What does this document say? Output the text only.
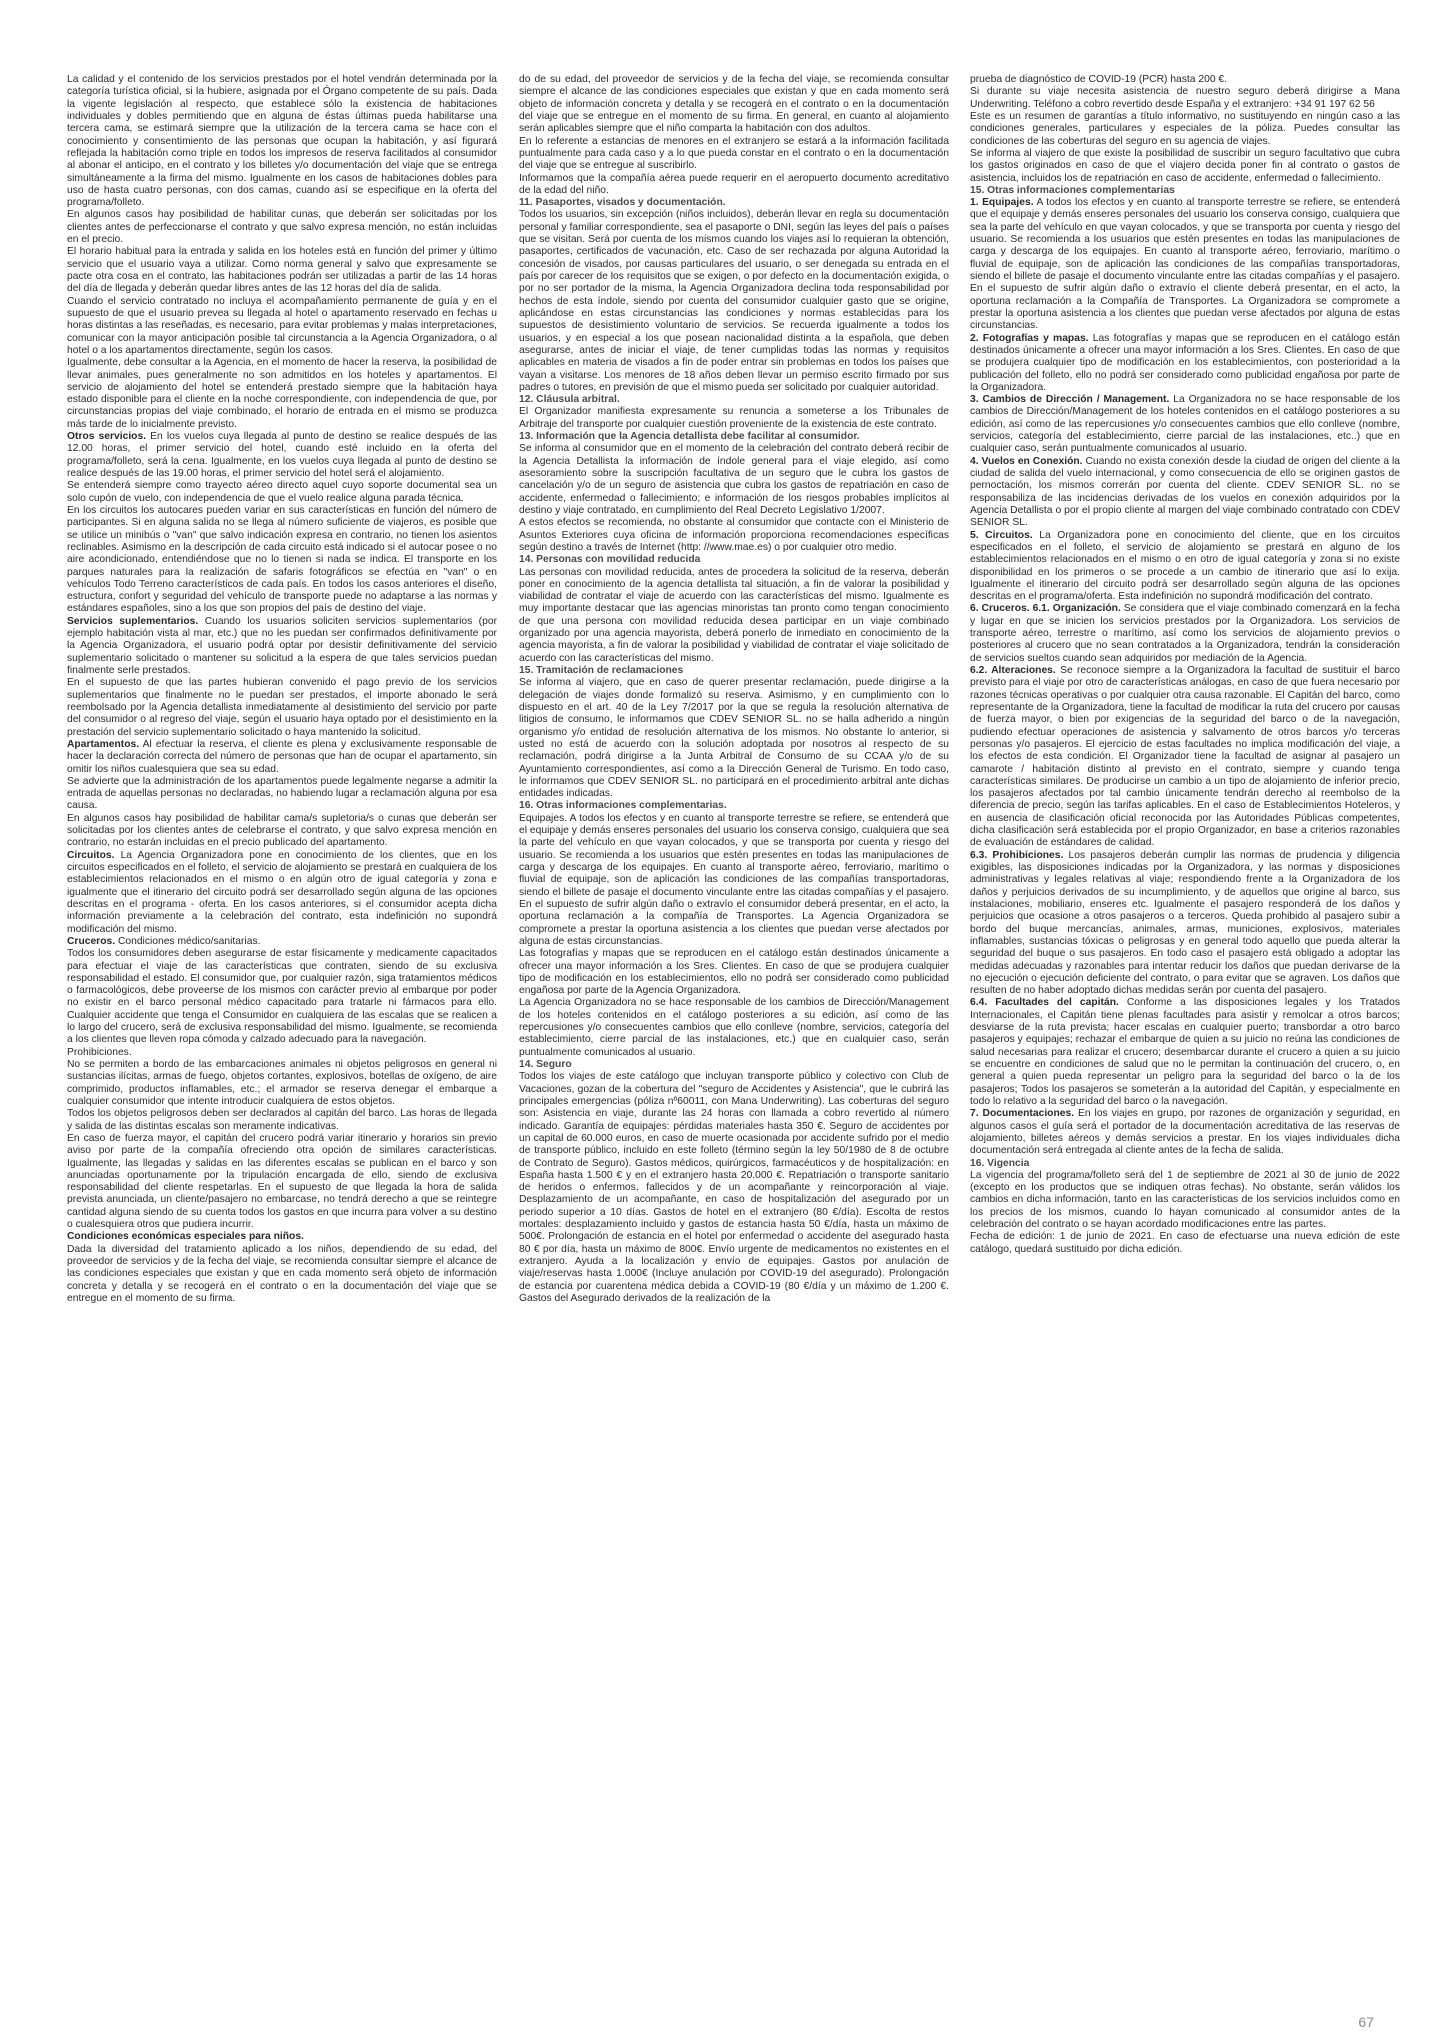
La calidad y el contenido de los servicios prestados por el hotel vendrán determinada por la categoría turística oficial, si la hubiere, asignada por el Órgano competente de su país. Dada la vigente legislación al respecto, que establece sólo la existencia de habitaciones individuales y dobles permitiendo que en alguna de éstas últimas pueda habilitarse una tercera cama, se estimará siempre que la utilización de la tercera cama se hace con el conocimiento y consentimiento de las personas que ocupan la habitación, y así figurará reflejada la habitación como triple en todos los impresos de reserva facilitados al consumidor al abonar el anticipo, en el contrato y los billetes y/o documentación del viaje que se entrega simultáneamente a la firma del mismo. Igualmente en los casos de habitaciones dobles para uso de hasta cuatro personas, con dos camas, cuando así se especifique en la oferta del programa/folleto.

En algunos casos hay posibilidad de habilitar cunas, que deberán ser solicitadas por los clientes antes de perfeccionarse el contrato y que salvo expresa mención, no están incluidas en el precio.

El horario habitual para la entrada y salida en los hoteles está en función del primer y último servicio que el usuario vaya a utilizar. Como norma general y salvo que expresamente se pacte otra cosa en el contrato, las habitaciones podrán ser utilizadas a partir de las 14 horas del día de llegada y deberán quedar libres antes de las 12 horas del día de salida.

Cuando el servicio contratado no incluya el acompañamiento permanente de guía y en el supuesto de que el usuario prevea su llegada al hotel o apartamento reservado en fechas u horas distintas a las reseñadas, es necesario, para evitar problemas y malas interpretaciones, comunicar con la mayor anticipación posible tal circunstancia a la Agencia Organizadora, o al hotel o a los apartamentos directamente, según los casos.

Igualmente, debe consultar a la Agencia, en el momento de hacer la reserva, la posibilidad de llevar animales, pues generalmente no son admitidos en los hoteles y apartamentos. El servicio de alojamiento del hotel se entenderá prestado siempre que la habitación haya estado disponible para el cliente en la noche correspondiente, con independencia de que, por circunstancias propias del viaje combinado, el horario de entrada en el mismo se produzca más tarde de lo inicialmente previsto.

Otros servicios. En los vuelos cuya llegada al punto de destino se realice después de las 12.00 horas, el primer servicio del hotel, cuando esté incluido en la oferta del programa/folleto, será la cena. Igualmente, en los vuelos cuya llegada al punto de destino se realice después de las 19.00 horas, el primer servicio del hotel será el alojamiento.

Se entenderá siempre como trayecto aéreo directo aquel cuyo soporte documental sea un solo cupón de vuelo, con independencia de que el vuelo realice alguna parada técnica.

En los circuitos los autocares pueden variar en sus características en función del número de participantes. Si en alguna salida no se llega al número suficiente de viajeros, es posible que se utilice un minibús o "van" que salvo indicación expresa en contrario, no tienen los asientos reclinables. Asimismo en la descripción de cada circuito está indicado si el autocar posee o no aire acondicionado, entendiéndose que no lo tienen si nada se indica. El transporte en los parques naturales para la realización de safaris fotográficos se efectúa en "van" o en vehículos Todo Terreno característicos de cada país. En todos los casos anteriores el diseño, estructura, confort y seguridad del vehículo de transporte puede no adaptarse a las normas y estándares españoles, sino a los que son propios del país de destino del viaje.

Servicios suplementarios. Cuando los usuarios soliciten servicios suplementarios (por ejemplo habitación vista al mar, etc.) que no les puedan ser confirmados definitivamente por la Agencia Organizadora, el usuario podrá optar por desistir definitivamente del servicio suplementario solicitado o mantener su solicitud a la espera de que tales servicios puedan finalmente serle prestados.

En el supuesto de que las partes hubieran convenido el pago previo de los servicios suplementarios que finalmente no le puedan ser prestados, el importe abonado le será reembolsado por la Agencia detallista inmediatamente al desistimiento del servicio por parte del consumidor o al regreso del viaje, según el usuario haya optado por el desistimiento en la prestación del servicio suplementario solicitado o haya mantenido la solicitud.

Apartamentos. Al efectuar la reserva, el cliente es plena y exclusivamente responsable de hacer la declaración correcta del número de personas que han de ocupar el apartamento, sin omitir los niños cualesquiera que sea su edad.

Se advierte que la administración de los apartamentos puede legalmente negarse a admitir la entrada de aquellas personas no declaradas, no habiendo lugar a reclamación alguna por esa causa.

En algunos casos hay posibilidad de habilitar cama/s supletoria/s o cunas que deberán ser solicitadas por los clientes antes de celebrarse el contrato, y que salvo expresa mención en contrario, no estarán incluidas en el precio publicado del apartamento.

Circuitos. La Agencia Organizadora pone en conocimiento de los clientes, que en los circuitos especificados en el folleto, el servicio de alojamiento se prestará en cualquiera de los establecimientos relacionados en el mismo o en algún otro de igual categoría y zona e igualmente que el itinerario del circuito podrá ser desarrollado según alguna de las opciones descritas en el programa - oferta. En los casos anteriores, si el consumidor acepta dicha información previamente a la celebración del contrato, esta indefinición no supondrá modificación del mismo.

Cruceros. Condiciones médico/sanitarias.

Todos los consumidores deben asegurarse de estar físicamente y medicamente capacitados para efectuar el viaje de las características que contraten, siendo de su exclusiva responsabilidad el estado. El consumidor que, por cualquier razón, siga tratamientos médicos o farmacológicos, debe proveerse de los mismos con carácter previo al embarque por poder no existir en el barco personal médico capacitado para tratarle ni fármacos para ello. Cualquier accidente que tenga el Consumidor en cualquiera de las escalas que se realicen a lo largo del crucero, será de exclusiva responsabilidad del mismo. Igualmente, se recomienda a los clientes que lleven ropa cómoda y calzado adecuado para la navegación.

Prohibiciones.

No se permiten a bordo de las embarcaciones animales ni objetos peligrosos en general ni sustancias ilícitas, armas de fuego, objetos cortantes, explosivos, botellas de oxígeno, de aire comprimido, productos inflamables, etc.; el armador se reserva denegar el embarque a cualquier consumidor que intente introducir cualquiera de estos objetos.

Todos los objetos peligrosos deben ser declarados al capitán del barco. Las horas de llegada y salida de las distintas escalas son meramente indicativas.

En caso de fuerza mayor, el capitán del crucero podrá variar itinerario y horarios sin previo aviso por parte de la compañía ofreciendo otra opción de similares características. Igualmente, las llegadas y salidas en las diferentes escalas se publican en el barco y son anunciadas oportunamente por la tripulación encargada de ello, siendo de exclusiva responsabilidad del cliente respetarlas. En el supuesto de que llegada la hora de salida prevista anunciada, un cliente/pasajero no embarcase, no tendrá derecho a que se reintegre cantidad alguna siendo de su cuenta todos los gastos en que incurra para volver a su destino o cualesquiera otros que pudiera incurrir.

Condiciones económicas especiales para niños.

Dada la diversidad del tratamiento aplicado a los niños, dependiendo de su edad, del proveedor de servicios y de la fecha del viaje, se recomienda consultar siempre el alcance de las condiciones especiales que existan y que en cada momento será objeto de información concreta y detalla y se recogerá en el contrato o en la documentación del viaje que se entregue en el momento de su firma.

do de su edad, del proveedor de servicios y de la fecha del viaje, se recomienda consultar siempre el alcance de las condiciones especiales que existan y que en cada momento será objeto de información concreta y detalla y se recogerá en el contrato o en la documentación del viaje que se entregue en el momento de su firma. En general, en cuanto al alojamiento serán aplicables siempre que el niño comparta la habitación con dos adultos.

En lo referente a estancias de menores en el extranjero se estará a la información facilitada puntualmente para cada caso y a lo que pueda constar en el contrato o en la documentación del viaje que se entregue al suscribirlo.

Informamos que la compañía aérea puede requerir en el aeropuerto documento acreditativo de la edad del niño.

11. Pasaportes, visados y documentación.

Todos los usuarios, sin excepción (niños incluidos), deberán llevar en regla su documentación personal y familiar correspondiente, sea el pasaporte o DNI, según las leyes del país o países que se visitan. Será por cuenta de los mismos cuando los viajes así lo requieran la obtención, pasaportes, certificados de vacunación, etc. Caso de ser rechazada por alguna Autoridad la concesión de visados, por causas particulares del usuario, o ser denegada su entrada en el país por carecer de los requisitos que se exigen, o por defecto en la documentación exigida, o por no ser portador de la misma, la Agencia Organizadora declina toda responsabilidad por hechos de esta índole, siendo por cuenta del consumidor cualquier gasto que se origine, aplicándose en estas circunstancias las condiciones y normas establecidas para los supuestos de desistimiento voluntario de servicios. Se recuerda igualmente a todos los usuarios, y en especial a los que posean nacionalidad distinta a la española, que deben asegurarse, antes de iniciar el viaje, de tener cumplidas todas las normas y requisitos aplicables en materia de visados a fin de poder entrar sin problemas en todos los países que vayan a visitarse. Los menores de 18 años deben llevar un permiso escrito firmado por sus padres o tutores, en previsión de que el mismo pueda ser solicitado por cualquier autoridad.

12. Cláusula arbitral.

El Organizador manifiesta expresamente su renuncia a someterse a los Tribunales de Arbitraje del transporte por cualquier cuestión proveniente de la existencia de este contrato.

13. Información que la Agencia detallista debe facilitar al consumidor.

Se informa al consumidor que en el momento de la celebración del contrato deberá recibir de la Agencia Detallista la información de índole general para el viaje elegido, así como asesoramiento sobre la suscripción facultativa de un seguro que le cubra los gastos de cancelación y/o de un seguro de asistencia que cubra los gastos de repatriación en caso de accidente, enfermedad o fallecimiento; e información de los riesgos probables implícitos al destino y viaje contratado, en cumplimiento del Real Decreto Legislativo 1/2007.

A estos efectos se recomienda, no obstante al consumidor que contacte con el Ministerio de Asuntos Exteriores cuya oficina de información proporciona recomendaciones específicas según destino a través de Internet (http: //www.mae.es) o por cualquier otro medio.

14. Personas con movilidad reducida

Las personas con movilidad reducida, antes de procedera la solicitud de la reserva, deberán poner en conocimiento de la agencia detallista tal situación, a fin de valorar la posibilidad y viabilidad de contratar el viaje de acuerdo con las características del mismo. Igualmente es muy importante destacar que las agencias minoristas tan pronto como tengan conocimiento de que una persona con movilidad reducida desea participar en un viaje combinado organizado por una agencia mayorista, deberá ponerlo de inmediato en conocimiento de la agencia mayorista, a fin de valorar la posibilidad y viabilidad de contratar el viaje solicitado de acuerdo con las características del mismo.

15. Tramitación de reclamaciones

Se informa al viajero, que en caso de querer presentar reclamación, puede dirigirse a la delegación de viajes donde formalizó su reserva. Asimismo, y en cumplimiento con lo dispuesto en el art. 40 de la Ley 7/2017 por la que se regula la resolución alternativa de litigios de consumo, le informamos que CDEV SENIOR SL. no se halla adherido a ningún organismo y/o entidad de resolución alternativa de los mismos. No obstante lo anterior, si usted no está de acuerdo con la solución adoptada por nosotros al respecto de su reclamación, podrá dirigirse a la Junta Arbitral de Consumo de su CCAA y/o de su Ayuntamiento correspondientes, así como a la Dirección General de Turismo. En todo caso, le informamos que CDEV SENIOR SL. no participará en el procedimiento arbitral ante dichas entidades indicadas.

16. Otras informaciones complementarias.

Equipajes. A todos los efectos y en cuanto al transporte terrestre se refiere, se entenderá que el equipaje y demás enseres personales del usuario los conserva consigo, cualquiera que sea la parte del vehículo en que vayan colocados, y que se transporta por cuenta y riesgo del usuario. Se recomienda a los usuarios que estén presentes en todas las manipulaciones de carga y descarga de los equipajes. En cuanto al transporte aéreo, ferroviario, marítimo o fluvial de equipaje, son de aplicación las condiciones de las compañías transportadoras, siendo el billete de pasaje el documento vinculante entre las citadas compañías y el pasajero. En el supuesto de sufrir algún daño o extravío el consumidor deberá presentar, en el acto, la oportuna reclamación a la compañía de Transportes. La Agencia Organizadora se compromete a prestar la oportuna asistencia a los clientes que puedan verse afectados por alguna de estas circunstancias.

Las fotografías y mapas que se reproducen en el catálogo están destinados únicamente a ofrecer una mayor información a los Sres. Clientes. En caso de que se produjera cualquier tipo de modificación en los establecimientos, ello no podrá ser considerado como publicidad engañosa por parte de la Agencia Organizadora.

La Agencia Organizadora no se hace responsable de los cambios de Dirección/Management de los hoteles contenidos en el catálogo posteriores a su edición, así como de las repercusiones y/o consecuentes cambios que ello conlleve (nombre, servicios, categoría del establecimiento, cierre parcial de las instalaciones, etc.) que en cualquier caso, serán puntualmente comunicados al usuario.

14. Seguro

Todos los viajes de este catálogo que incluyan transporte público y colectivo con Club de Vacaciones, gozan de la cobertura del "seguro de Accidentes y Asistencia", que le cubrirá las principales emergencias (póliza nº60011, con Mana Underwriting). Las coberturas del seguro son: Asistencia en viaje, durante las 24 horas con llamada a cobro revertido al número indicado. Garantía de equipajes: pérdidas materiales hasta 350 €. Seguro de accidentes por un capital de 60.000 euros, en caso de muerte ocasionada por accidente sufrido por el medio de transporte público, incluido en este folleto (término según la ley 50/1980 de 8 de octubre de Contrato de Seguro). Gastos médicos, quirúrgicos, farmacéuticos y de hospitalización: en España hasta 1.500 € y en el extranjero hasta 20.000 €. Repatriación o transporte sanitario de heridos o enfermos, fallecidos y de un acompañante y reincorporación al viaje. Desplazamiento de un acompañante, en caso de hospitalización del asegurado por un periodo superior a 10 días. Gastos de hotel en el extranjero (80 €/día). Escolta de restos mortales: desplazamiento incluido y gastos de estancia hasta 50 €/día, hasta un máximo de 500€. Prolongación de estancia en el hotel por enfermedad o accidente del asegurado hasta 80 € por día, hasta un máximo de 800€. Envío urgente de medicamentos no existentes en el extranjero. Ayuda a la localización y envío de equipajes. Gastos por anulación de viaje/reservas hasta 1.000€ (Incluye anulación por COVID-19 del asegurado). Prolongación de estancia por cuarentena médica debida a COVID-19 (80 €/día y un máximo de 1.200 €. Gastos del Asegurado derivados de la realización de la

prueba de diagnóstico de COVID-19 (PCR) hasta 200 €.

Si durante su viaje necesita asistencia de nuestro seguro deberá dirigirse a Mana Underwriting. Teléfono a cobro revertido desde España y el extranjero: +34 91 197 62 56

Este es un resumen de garantías a título informativo, no sustituyendo en ningún caso a las condiciones generales, particulares y especiales de la póliza. Puedes consultar las condiciones de las coberturas del seguro en su agencia de viajes.

Se informa al viajero de que existe la posibilidad de suscribir un seguro facultativo que cubra los gastos originados en caso de que el viajero decida poner fin al contrato o gastos de asistencia, incluidos los de repatriación en caso de accidente, enfermedad o fallecimiento.

15. Otras informaciones complementarias

1. Equipajes. A todos los efectos y en cuanto al transporte terrestre se refiere, se entenderá que el equipaje y demás enseres personales del usuario los conserva consigo, cualquiera que sea la parte del vehículo en que vayan colocados, y que se transporta por cuenta y riesgo del usuario. Se recomienda a los usuarios que estén presentes en todas las manipulaciones de carga y descarga de los equipajes. En cuanto al transporte aéreo, ferroviario, marítimo o fluvial de equipaje, son de aplicación las condiciones de las compañías transportadoras, siendo el billete de pasaje el documento vinculante entre las citadas compañías y el pasajero. En el supuesto de sufrir algún daño o extravío el cliente deberá presentar, en el acto, la oportuna reclamación a la Compañía de Transportes. La Organizadora se compromete a prestar la oportuna asistencia a los clientes que puedan verse afectados por alguna de estas circunstancias.

2. Fotografías y mapas. Las fotografías y mapas que se reproducen en el catálogo están destinados únicamente a ofrecer una mayor información a los Sres. Clientes. En caso de que se produjera cualquier tipo de modificación en los establecimientos, con posterioridad a la publicación del folleto, ello no podrá ser considerado como publicidad engañosa por parte de la Organizadora.

3. Cambios de Dirección / Management. La Organizadora no se hace responsable de los cambios de Dirección/Management de los hoteles contenidos en el catálogo posteriores a su edición, así como de las repercusiones y/o consecuentes cambios que ello conlleve (nombre, servicios, categoría del establecimiento, cierre parcial de las instalaciones, etc..) que en cualquier caso, serán puntualmente comunicados al usuario.

4. Vuelos en Conexión. Cuando no exista conexión desde la ciudad de origen del cliente a la ciudad de salida del vuelo internacional, y como consecuencia de ello se originen gastos de pernoctación, los mismos correrán por cuenta del cliente. CDEV SENIOR SL. no se responsabiliza de las incidencias derivadas de los vuelos en conexión adquiridos por la Agencia Detallista o por el propio cliente al margen del viaje combinado contratado con CDEV SENIOR SL.

5. Circuitos. La Organizadora pone en conocimiento del cliente, que en los circuitos especificados en el folleto, el servicio de alojamiento se prestará en alguno de los establecimientos relacionados en el mismo o en otro de igual categoría y zona si no existe disponibilidad en los primeros o se procede a un cambio de itinerario que así lo exija. Igualmente el itinerario del circuito podrá ser desarrollado según alguna de las opciones descritas en el programa/oferta. Esta indefinición no supondrá modificación del contrato.

6. Cruceros. 6.1. Organización. Se considera que el viaje combinado comenzará en la fecha y lugar en que se inicien los servicios prestados por la Organizadora. Los servicios de transporte aéreo, terrestre o marítimo, así como los servicios de alojamiento previos o posteriores al crucero que no sean contratados a la Organizadora, tendrán la consideración de servicios sueltos cuando sean adquiridos por mediación de la Agencia.

6.2. Alteraciones. Se reconoce siempre a la Organizadora la facultad de sustituir el barco previsto para el viaje por otro de características análogas, en caso de que fuera necesario por razones técnicas operativas o por cualquier otra causa razonable. El Capitán del barco, como representante de la Organizadora, tiene la facultad de modificar la ruta del crucero por causas de fuerza mayor, o bien por exigencias de la seguridad del barco o de la navegación, pudiendo efectuar operaciones de asistencia y salvamento de otros barcos y/o terceras personas y/o pasajeros. El ejercicio de estas facultades no implica modificación del viaje, a los efectos de esta condición. El Organizador tiene la facultad de asignar al pasajero un camarote / habitación distinto al previsto en el contrato, siempre y cuando tenga características similares. De producirse un cambio a un tipo de alojamiento de inferior precio, los pasajeros afectados por tal cambio únicamente tendrán derecho al reembolso de la diferencia de precio, según las tarifas aplicables. En el caso de Establecimientos Hoteleros, y en ausencia de clasificación oficial reconocida por las Autoridades Públicas competentes, dicha clasificación será establecida por el propio Organizador, en base a criterios razonables de evaluación de estándares de calidad.

6.3. Prohibiciones. Los pasajeros deberán cumplir las normas de prudencia y diligencia exigibles, las disposiciones indicadas por la Organizadora, y las normas y disposiciones administrativas y legales relativas al viaje; respondiendo frente a la Organizadora de los daños y perjuicios derivados de su incumplimiento, y de aquellos que origine al barco, sus instalaciones, mobiliario, enseres etc. Igualmente el pasajero responderá de los daños y perjuicios que ocasione a otros pasajeros o a terceros. Queda prohibido al pasajero subir a bordo del buque mercancías, animales, armas, municiones, explosivos, materiales inflamables, sustancias tóxicas o peligrosas y en general todo aquello que pueda alterar la seguridad del buque o sus pasajeros. En todo caso el pasajero está obligado a adoptar las medidas adecuadas y razonables para intentar reducir los daños que puedan derivarse de la no ejecución o ejecución deficiente del contrato, o para evitar que se agraven. Los daños que resulten de no haber adoptado dichas medidas serán por cuenta del pasajero.

6.4. Facultades del capitán. Conforme a las disposiciones legales y los Tratados Internacionales, el Capitán tiene plenas facultades para asistir y remolcar a otros barcos; desviarse de la ruta prevista; hacer escalas en cualquier puerto; transbordar a otro barco pasajeros y equipajes; rechazar el embarque de quien a su juicio no reúna las condiciones de salud necesarias para realizar el crucero; desembarcar durante el crucero a quien a su juicio se encuentre en condiciones de salud que no le permitan la continuación del crucero, o, en general a quien pueda representar un peligro para la seguridad del barco o la de los pasajeros; Todos los pasajeros se someterán a la autoridad del Capitán, y especialmente en todo lo relativo a la seguridad del barco o la navegación.

7. Documentaciones. En los viajes en grupo, por razones de organización y seguridad, en algunos casos el guía será el portador de la documentación acreditativa de las reservas de alojamiento, billetes aéreos y demás servicios a prestar. En los viajes individuales dicha documentación será entregada al cliente antes de la fecha de salida.

16. Vigencia

La vigencia del programa/folleto será del 1 de septiembre de 2021 al 30 de junio de 2022 (excepto en los productos que se indiquen otras fechas). No obstante, serán válidos los cambios en dicha información, tanto en las características de los servicios incluidos como en los precios de los mismos, cuando lo hayan comunicado al consumidor antes de la celebración del contrato o se hayan acordado modificaciones entre las partes.

Fecha de edición: 1 de junio de 2021. En caso de efectuarse una nueva edición de este catálogo, quedará sustituido por dicha edición.

67
